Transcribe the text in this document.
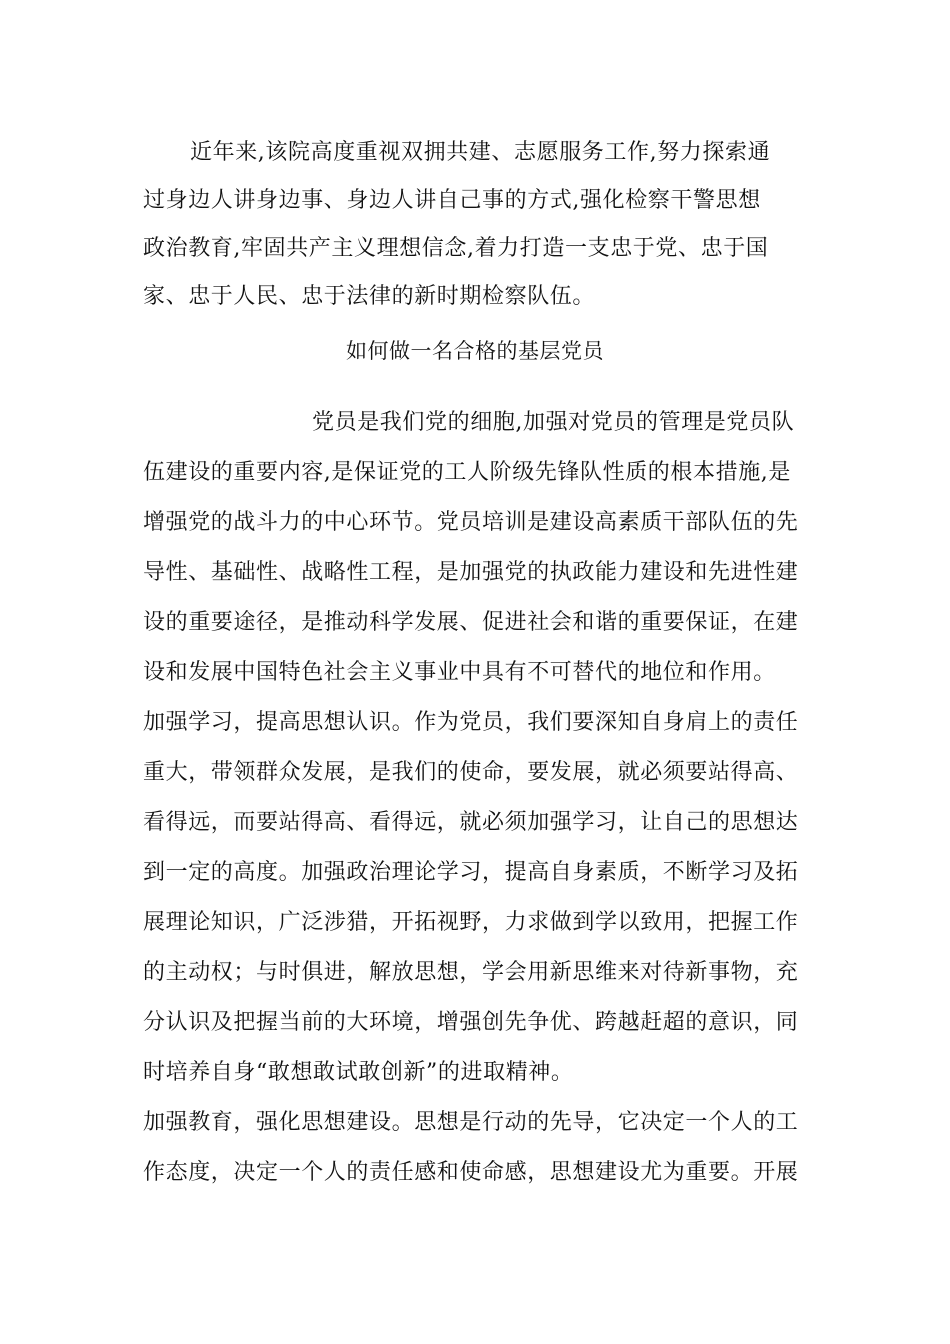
近年来,该院高度重视双拥共建、志愿服务工作,努力探索通
过身边人讲身边事、身边人讲自己事的方式,强化检察干警思想
政治教育,牢固共产主义理想信念,着力打造一支忠于党、忠于国
家、忠于人民、忠于法律的新时期检察队伍。
如何做一名合格的基层党员
党员是我们党的细胞,加强对党员的管理是党员队
伍建设的重要内容,是保证党的工人阶级先锋队性质的根本措施,是
增强党的战斗力的中心环节。党员培训是建设高素质干部队伍的先
导性、基础性、战略性工程，是加强党的执政能力建设和先进性建
设的重要途径，是推动科学发展、促进社会和谐的重要保证，在建
设和发展中国特色社会主义事业中具有不可替代的地位和作用。
加强学习，提高思想认识。作为党员，我们要深知自身肩上的责任
重大，带领群众发展，是我们的使命，要发展，就必须要站得高、
看得远，而要站得高、看得远，就必须加强学习，让自己的思想达
到一定的高度。加强政治理论学习，提高自身素质，不断学习及拓
展理论知识，广泛涉猎，开拓视野，力求做到学以致用，把握工作
的主动权；与时俱进，解放思想，学会用新思维来对待新事物，充
分认识及把握当前的大环境，增强创先争优、跨越赶超的意识，同
时培养自身“敢想敢试敢创新”的进取精神。
加强教育，强化思想建设。思想是行动的先导，它决定一个人的工
作态度，决定一个人的责任感和使命感，思想建设尤为重要。开展
